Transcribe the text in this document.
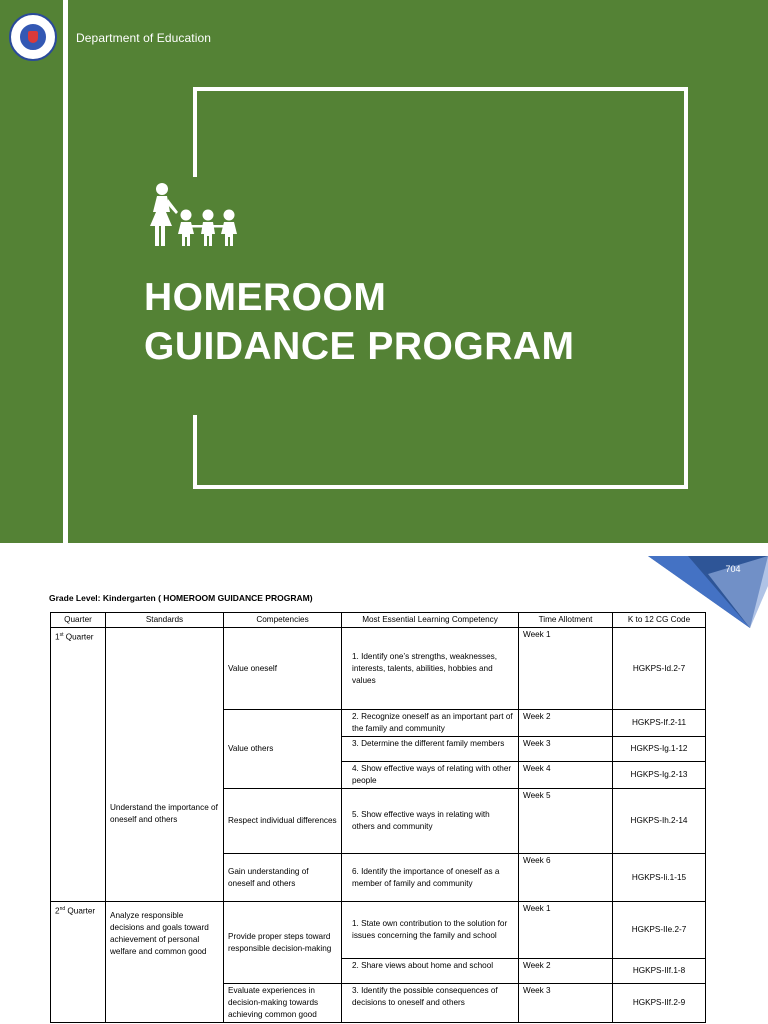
Department of Education
HOMEROOM
GUIDANCE PROGRAM
704
Grade Level: Kindergarten ( HOMEROOM GUIDANCE PROGRAM)
Quarter	Standards	Competencies	Most Essential Learning Competency	Time Allotment	K to 12 CG Code
1st Quarter	Understand the importance of oneself and others	Value oneself	1. Identify one’s strengths, weaknesses, interests, talents, abilities, hobbies and values	Week 1	HGKPS-Id.2-7
		Value others	2. Recognize oneself as an important part of the family and community	Week 2	HGKPS-If.2-11
			3. Determine the different family members	Week 3	HGKPS-Ig.1-12
			4. Show effective ways of relating with other people	Week 4	HGKPS-Ig.2-13
		Respect individual differences	5. Show effective ways in relating with others and community	Week 5	HGKPS-Ih.2-14
		Gain understanding of oneself and others	6. Identify the importance of oneself as a member of family and community	Week 6	HGKPS-Ii.1-15
2nd Quarter	Analyze responsible decisions and goals toward achievement of personal welfare and common good	Provide proper steps toward responsible decision-making	1. State own contribution to the solution for issues concerning the family and school	Week 1	HGKPS-IIe.2-7
			2. Share views about home and school	Week 2	HGKPS-IIf.1-8
		Evaluate experiences in decision-making towards achieving common good	3. Identify the possible consequences of decisions to oneself and others	Week 3	HGKPS-IIf.2-9
